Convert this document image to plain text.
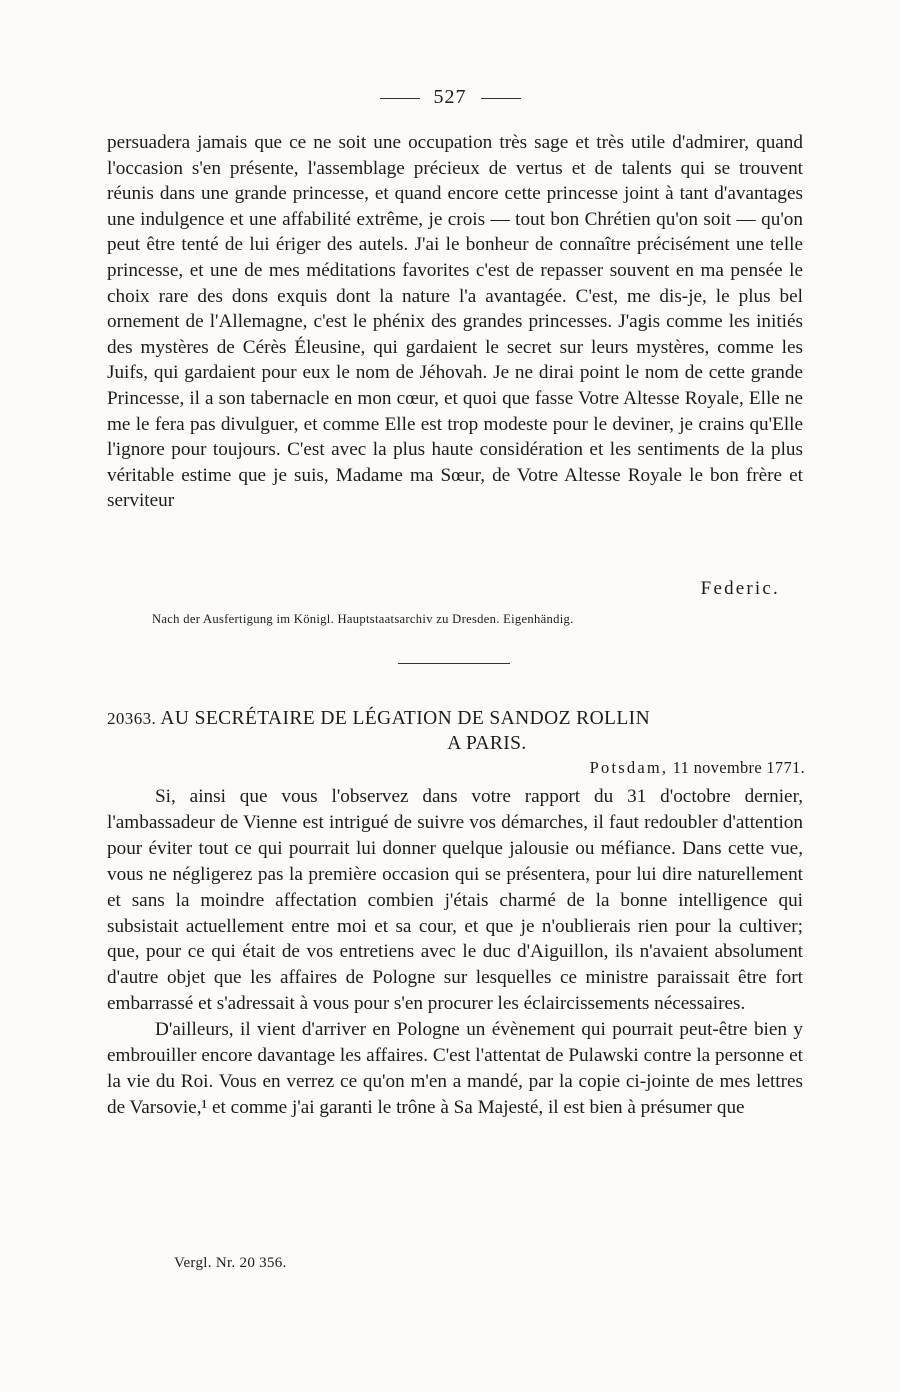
527

persuadera jamais que ce ne soit une occupation très sage et très utile d'admirer, quand l'occasion s'en présente, l'assemblage précieux de vertus et de talents qui se trouvent réunis dans une grande princesse, et quand encore cette princesse joint à tant d'avantages une indulgence et une affabilité extrême, je crois — tout bon Chrétien qu'on soit — qu'on peut être tenté de lui ériger des autels. J'ai le bonheur de connaître précisément une telle princesse, et une de mes méditations favorites c'est de repasser souvent en ma pensée le choix rare des dons exquis dont la nature l'a avantagée. C'est, me dis-je, le plus bel ornement de l'Allemagne, c'est le phénix des grandes princesses. J'agis comme les initiés des mystères de Cérès Éleusine, qui gardaient le secret sur leurs mystères, comme les Juifs, qui gardaient pour eux le nom de Jéhovah. Je ne dirai point le nom de cette grande Princesse, il a son tabernacle en mon cœur, et quoi que fasse Votre Altesse Royale, Elle ne me le fera pas divulguer, et comme Elle est trop modeste pour le deviner, je crains qu'Elle l'ignore pour toujours. C'est avec la plus haute considération et les sentiments de la plus véritable estime que je suis, Madame ma Sœur, de Votre Altesse Royale le bon frère et serviteur

Federic.
Nach der Ausfertigung im Königl. Hauptstaatsarchiv zu Dresden. Eigenhändig.
20363. AU SECRÉTAIRE DE LÉGATION DE SANDOZ ROLLIN
A PARIS.
Potsdam, 11 novembre 1771.

Si, ainsi que vous l'observez dans votre rapport du 31 d'octobre dernier, l'ambassadeur de Vienne est intrigué de suivre vos démarches, il faut redoubler d'attention pour éviter tout ce qui pourrait lui donner quelque jalousie ou méfiance. Dans cette vue, vous ne négligerez pas la première occasion qui se présentera, pour lui dire naturellement et sans la moindre affectation combien j'étais charmé de la bonne intelligence qui subsistait actuellement entre moi et sa cour, et que je n'oublierais rien pour la cultiver; que, pour ce qui était de vos entretiens avec le duc d'Aiguillon, ils n'avaient absolument d'autre objet que les affaires de Pologne sur lesquelles ce ministre paraissait être fort embarrassé et s'adressait à vous pour s'en procurer les éclaircissements nécessaires.

D'ailleurs, il vient d'arriver en Pologne un évènement qui pourrait peut-être bien y embrouiller encore davantage les affaires. C'est l'attentat de Pulawski contre la personne et la vie du Roi. Vous en verrez ce qu'on m'en a mandé, par la copie ci-jointe de mes lettres de Varsovie,¹ et comme j'ai garanti le trône à Sa Majesté, il est bien à présumer que

Vergl. Nr. 20 356.
